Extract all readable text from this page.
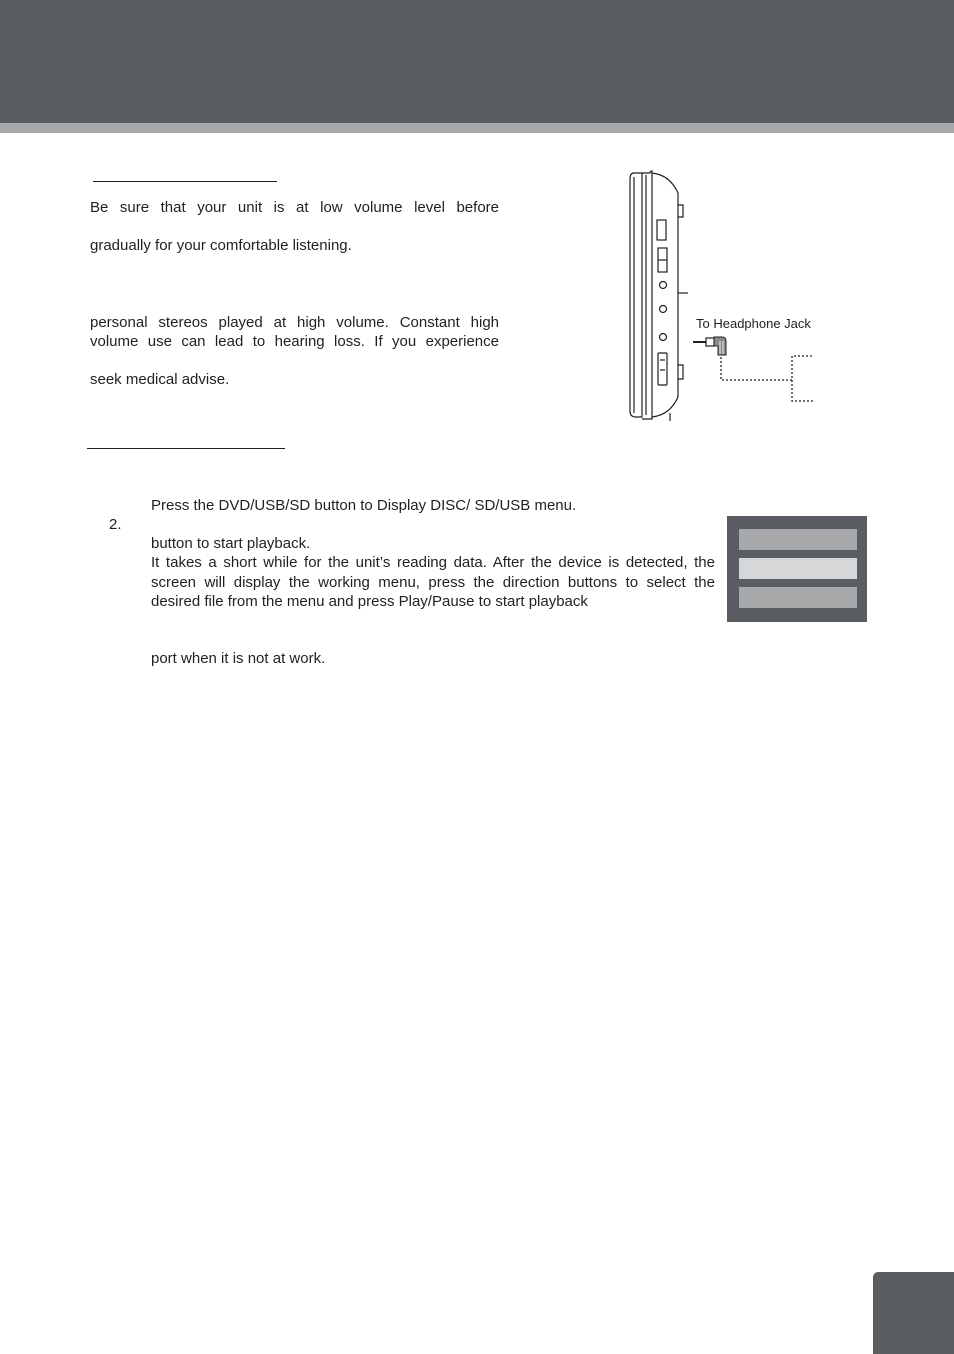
Be sure that your unit is at low volume level before
gradually for your comfortable listening.
personal stereos played at high volume. Constant high
volume use can lead to hearing loss. If you experience
seek medical advise.
To Headphone Jack
Press the DVD/USB/SD button to Display DISC/ SD/USB menu.
2.
button to start playback.
It takes a short while for the unit’s reading data. After the device is detected, the
screen will display the working menu, press the direction buttons to select the
desired file from the menu and press Play/Pause to start playback
port when it is not at work.
